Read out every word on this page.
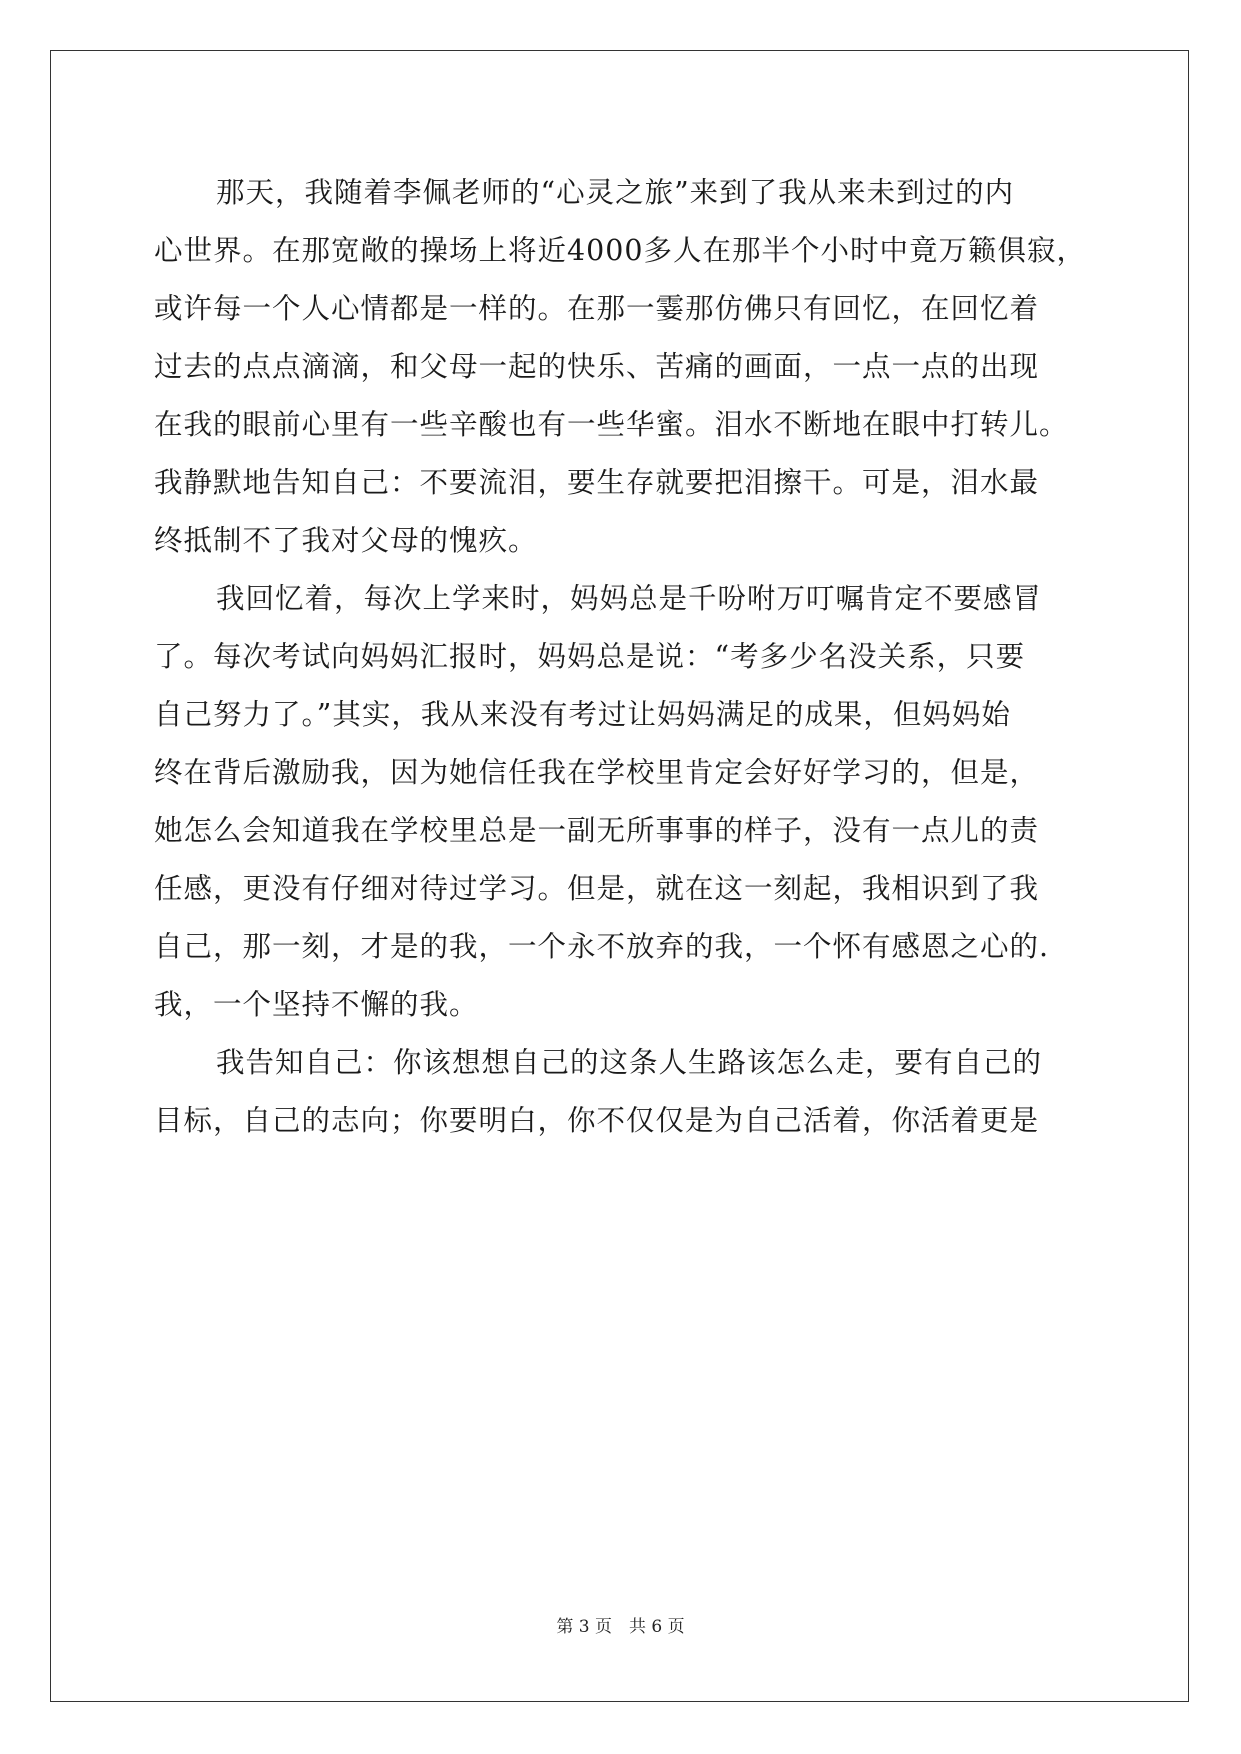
那天，我随着李佩老师的“心灵之旅”来到了我从来未到过的内
心世界。在那宽敞的操场上将近4000多人在那半个小时中竟万籁俱寂，
或许每一个人心情都是一样的。在那一霎那仿佛只有回忆，在回忆着
过去的点点滴滴，和父母一起的快乐、苦痛的画面，一点一点的出现
在我的眼前心里有一些辛酸也有一些华蜜。泪水不断地在眼中打转儿。
我静默地告知自己：不要流泪，要生存就要把泪擦干。可是，泪水最
终抵制不了我对父母的愧疚。
我回忆着，每次上学来时，妈妈总是千吩咐万叮嘱肯定不要感冒
了。每次考试向妈妈汇报时，妈妈总是说：“考多少名没关系，只要
自己努力了。”其实，我从来没有考过让妈妈满足的成果，但妈妈始
终在背后激励我，因为她信任我在学校里肯定会好好学习的，但是，
她怎么会知道我在学校里总是一副无所事事的样子，没有一点儿的责
任感，更没有仔细对待过学习。但是，就在这一刻起，我相识到了我
自己，那一刻，才是的我，一个永不放弃的我，一个怀有感恩之心的.
我，一个坚持不懈的我。
我告知自己：你该想想自己的这条人生路该怎么走，要有自己的
目标，自己的志向；你要明白，你不仅仅是为自己活着，你活着更是
第 3 页　共 6 页
